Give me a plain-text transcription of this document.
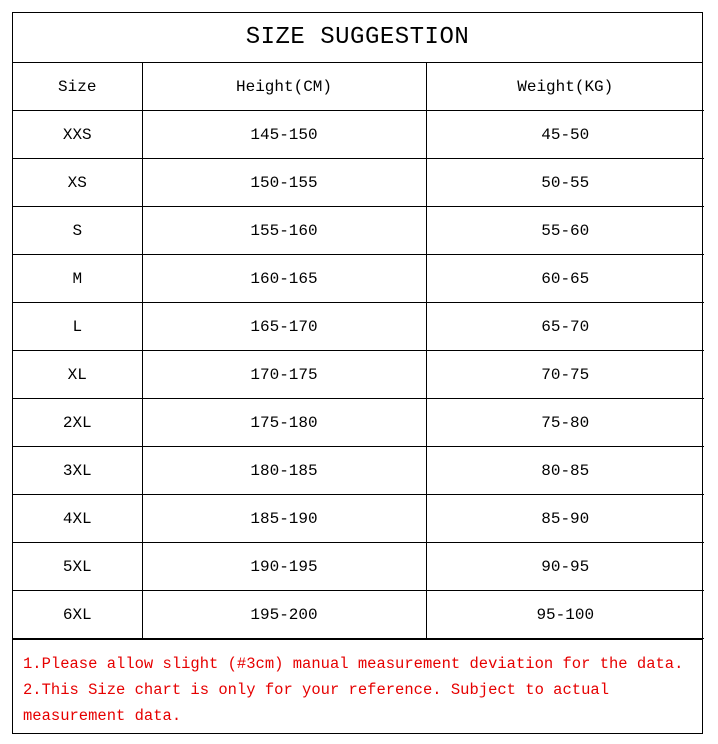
SIZE SUGGESTION
Size	Height(CM)	Weight(KG)
XXS	145-150	45-50
XS	150-155	50-55
S	155-160	55-60
M	160-165	60-65
L	165-170	65-70
XL	170-175	70-75
2XL	175-180	75-80
3XL	180-185	80-85
4XL	185-190	85-90
5XL	190-195	90-95
6XL	195-200	95-100

1.Please allow slight (#3cm) manual measurement deviation for the data.

2.This Size chart is only for your reference. Subject to actual measurement data.
